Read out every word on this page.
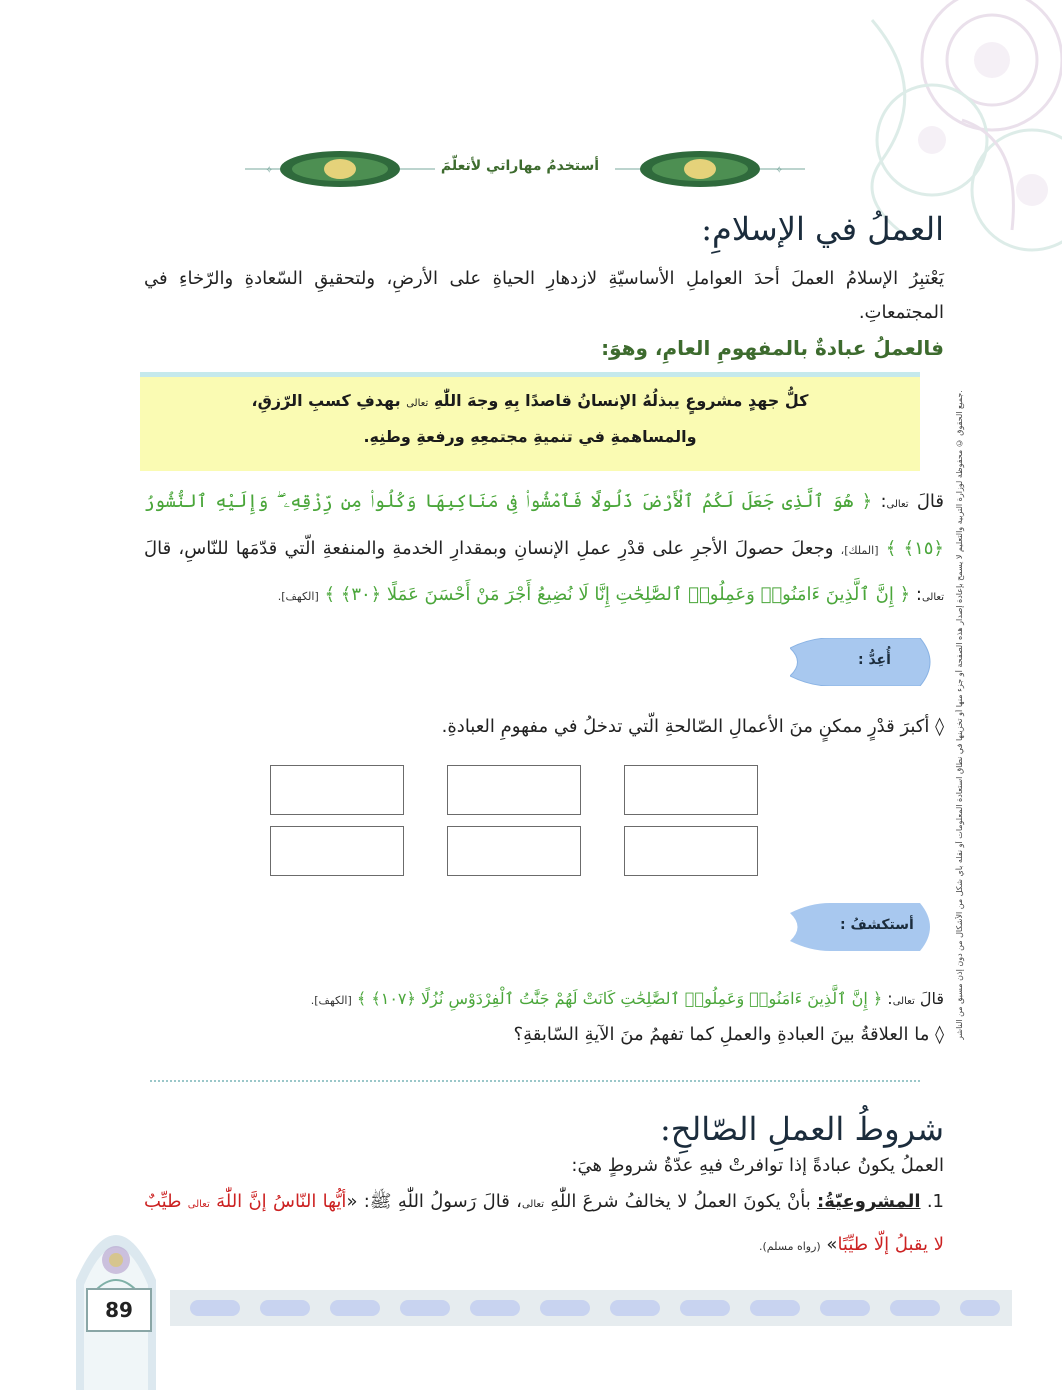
✧	✧
أستخدمُ مهاراتي لأتعلّمَ
العملُ في الإسلامِ:
يَعْتبِرُ الإسلامُ العملَ أحدَ العواملِ الأساسيّةِ لازدهارِ الحياةِ على الأرضِ، ولتحقيقِ السّعادةِ والرّخاءِ في المجتمعاتِ.
فالعملُ عبادةٌ بالمفهومِ العامِ، وهوَ:
كلُّ جهدٍ مشروعٍ يبذلُهُ الإنسانُ قاصدًا بِهِ وجهَ اللّٰهِ تعالى بهدفِ كسبِ الرّزقِ،
والمساهمةِ في تنميةِ مجتمعِهِ ورفعةِ وطنِهِ.
قالَ تعالى: ﴿ هُوَ ٱلَّذِى جَعَلَ لَكُمُ ٱلْأَرْضَ ذَلُولًا فَٱمْشُوا۟ فِى مَنَاكِبِهَا وَكُلُوا۟ مِن رِّزْقِهِۦ ۖ وَإِلَيْهِ ٱلنُّشُورُ ﴿١٥﴾ ﴾ [الملك]، وجعلَ حصولَ الأجرِ على قدْرِ عملِ الإنسانِ وبمقدارِ الخدمةِ والمنفعةِ الّتي قدّمَها للنّاسِ، قالَ تعالى: ﴿ إِنَّ ٱلَّذِينَ ءَامَنُوا۟ وَعَمِلُوا۟ ٱلصَّٰلِحَٰتِ إِنَّا لَا نُضِيعُ أَجْرَ مَنْ أَحْسَنَ عَمَلًا ﴿٣٠﴾ ﴾ [الكهف].
أُعِدُّ :
◊ أكبرَ قدْرٍ ممكنٍ منَ الأعمالِ الصّالحةِ الّتي تدخلُ في مفهومِ العبادةِ.
أستكشفُ :
قالَ تعالى: ﴿ إِنَّ ٱلَّذِينَ ءَامَنُوا۟ وَعَمِلُوا۟ ٱلصَّٰلِحَٰتِ كَانَتْ لَهُمْ جَنَّٰتُ ٱلْفِرْدَوْسِ نُزُلًا ﴿١٠٧﴾ ﴾ [الكهف].
◊ ما العلاقةُ بينَ العبادةِ والعملِ كما تفهمُ منَ الآيةِ السّابقةِ؟
شروطُ العملِ الصّالحِ:
العملُ يكونُ عبادةً إذا توافرتْ فيهِ عدّةُ شروطٍ هيَ:
1. المشروعيّةُ: بأنْ يكونَ العملُ لا يخالفُ شرعَ اللّٰهِ تعالى، قالَ رَسولُ اللّٰهِ ﷺ: «أيُّها النّاسُ إنَّ اللّٰهَ تعالى طيِّبٌ لا يقبلُ إلّا طيِّبًا» (رواه مسلم).
جميع الحقوق © محفوظة لوزارة التربية والتعليم لا يسمح بإعادة إصدار هذه الصفحة أو جزء منها أو تخزينها في نطاق استعادة المعلومات أو نقله بأي شكل من الأشكال من دون إذن مسبق من الناشر.
89
